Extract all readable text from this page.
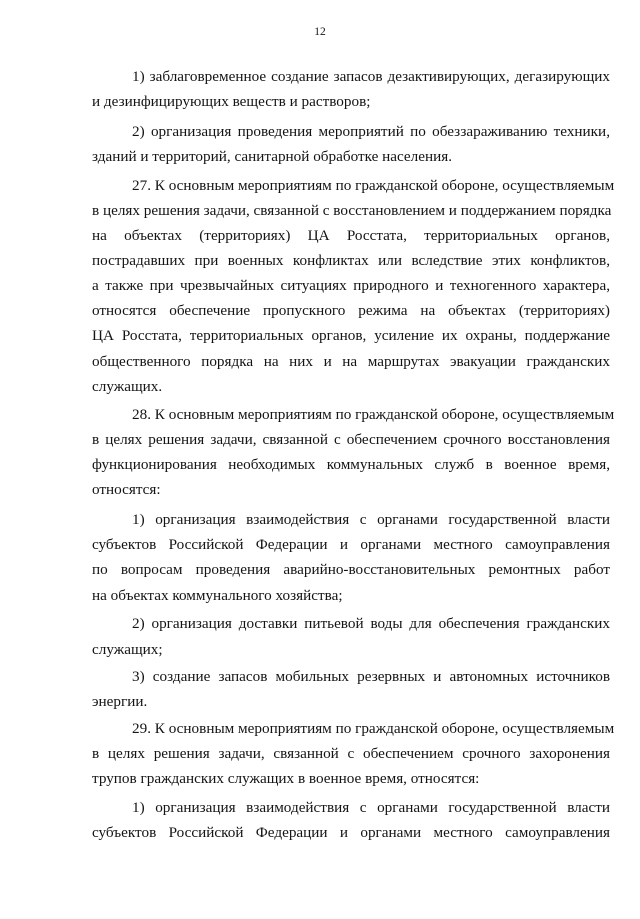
12
1) заблаговременное создание запасов дезактивирующих, дегазирующих
и дезинфицирующих веществ и растворов;
2) организация проведения мероприятий по обеззараживанию техники,
зданий и территорий, санитарной обработке населения.
27. К основным мероприятиям по гражданской обороне, осуществляемым
в целях решения задачи, связанной с восстановлением и поддержанием порядка
на объектах (территориях) ЦА Росстата, территориальных органов,
пострадавших при военных конфликтах или вследствие этих конфликтов,
а также при чрезвычайных ситуациях природного и техногенного характера,
относятся обеспечение пропускного режима на объектах (территориях)
ЦА Росстата, территориальных органов, усиление их охраны, поддержание
общественного порядка на них и на маршрутах эвакуации гражданских
служащих.
28. К основным мероприятиям по гражданской обороне, осуществляемым
в целях решения задачи, связанной с обеспечением срочного восстановления
функционирования необходимых коммунальных служб в военное время,
относятся:
1) организация взаимодействия с органами государственной власти
субъектов Российской Федерации и органами местного самоуправления
по вопросам проведения аварийно-восстановительных ремонтных работ
на объектах коммунального хозяйства;
2) организация доставки питьевой воды для обеспечения гражданских
служащих;
3) создание запасов мобильных резервных и автономных источников
энергии.
29. К основным мероприятиям по гражданской обороне, осуществляемым
в целях решения задачи, связанной с обеспечением срочного захоронения
трупов гражданских служащих в военное время, относятся:
1) организация взаимодействия с органами государственной власти
субъектов Российской Федерации и органами местного самоуправления
